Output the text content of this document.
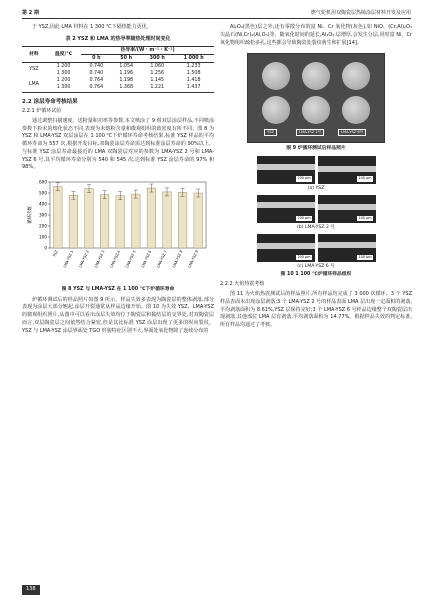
第 2 期	燃气轮机用双陶瓷层热障涂层材料开发及应用

于 YSZ,因此 LMA 材料在 1 300 ℃下隔热能力更优。

表 2 YSZ 和 LMA 的热导率随热处理时间变化
材料	温度/℃	热导率/(W · m⁻¹ · K⁻¹)			
		0 h	50 h	300 h	1 000 h
YSZ	1 200	0.740	1.054	1.060	1.233
	1 300	0.740	1.196	1.256	1.508
LMA	1 200	0.764	1.198	1.145	1.418
	1 300	0.764	1.368	1.221	1.437
2.2 涂层寿命考核结果
2.2.1 炉循环试验

通过调整扫描速度、送粉量和功率等参数,本文喷涂了 9 组双层涂层样品,不同喷涂参数下粉末的熔化状态不同,表现为未熔粉含量和微观组织的致密度有所不同。图 8 为 YSZ 和 LMA-YSZ 双层涂层在 1 100 ℃下炉循环寿命考核结果,标准 YSZ 样品的平均循环寿命为 557 次,根据开发目标,双陶瓷涂层寿命需达到标准涂层寿命的 90%以上。与标准 YSZ 涂层寿命最接近的 LMA 双陶瓷层对应的参数为 LMA-YSZ 2 号和 LMA-YSZ 6 号,其平均循环寿命分别为 540 和 545 次,达到标准 YSZ 涂层寿命的 97% 和 98%。

0
100
200
300
400
500
600
循环次数
YSZ LMA-YSZ 1 LMA-YSZ 2 LMA-YSZ 3 LMA-YSZ 4 LMA-YSZ 5 LMA-YSZ 6 LMA-YSZ 7 LMA-YSZ 8 LMA-YSZ 9
图 8 YSZ 与 LMA-YSZ 在 1 100 ℃下炉循环寿命

炉循环测试后的样品照片如图 9 所示。样品失效多表现为陶瓷层的整体剥落,部分表现为涂层大部分翘起,涂层开裂通常从样品边缘开始。图 10 为失效 YSZ、LMA-YSZ 的微观组织照片,从图中可以看出涂层失效均位于陶瓷层和黏结层的交界处,对双陶瓷层而言,双层陶瓷层之间依然结合紧密,但是其比标准 YSZ 涂层出现了更多的纵向裂纹。YSZ 与 LMA-YSZ 涂层界面处 TGO 形貌特征区别不大,界面处氧化物除了连续分布的

Al₂O₃(黑色)层之外,还有零散分布的富 Ni、Cr 氧化物(灰色),如 NiO、(Cr,Al)₂O₃ 尖晶石(Ni,Cr)₂(Al,O₃)等。随氧化时间的延长,Al₂O₃ 层增厚,会发生分层,同时富 Ni、Cr 氧化物组织疏松多孔,这些都会导致陶瓷处裂纹萌生和扩展[14]。

YSZ	LMA-YSZ 2号	LMA-YSZ 6号
图 9 炉循环测试后样品照片
200 μm	100 μm
(a) YSZ
200 μm	100 μm
(b) LMA-YSZ 2 号
200 μm	100 μm
(c) LMA-YSZ 6 号
图 10 1 100 ℃炉循环样品组织
2.2.2 火焰热震考核

图 11 为火焰热震测试后的样品照片,所有样品均完成了 3 000 次循环。3 个 YSZ 样品表面未出现涂层剥落;3 个 LMA-YSZ 2 号的样品表面 LMA 层出现一定面积的剥落,平均剥落面积为 8.61%,YSZ 层保持完好;3 个 LMA-YSZ 6 号样品边缘整个双陶瓷层出现剥落,其他部位 LMA 层有剥落,平均剥落面积为 14.77%。根据样品失效的判定标准,所有样品均通过了考核。

138
